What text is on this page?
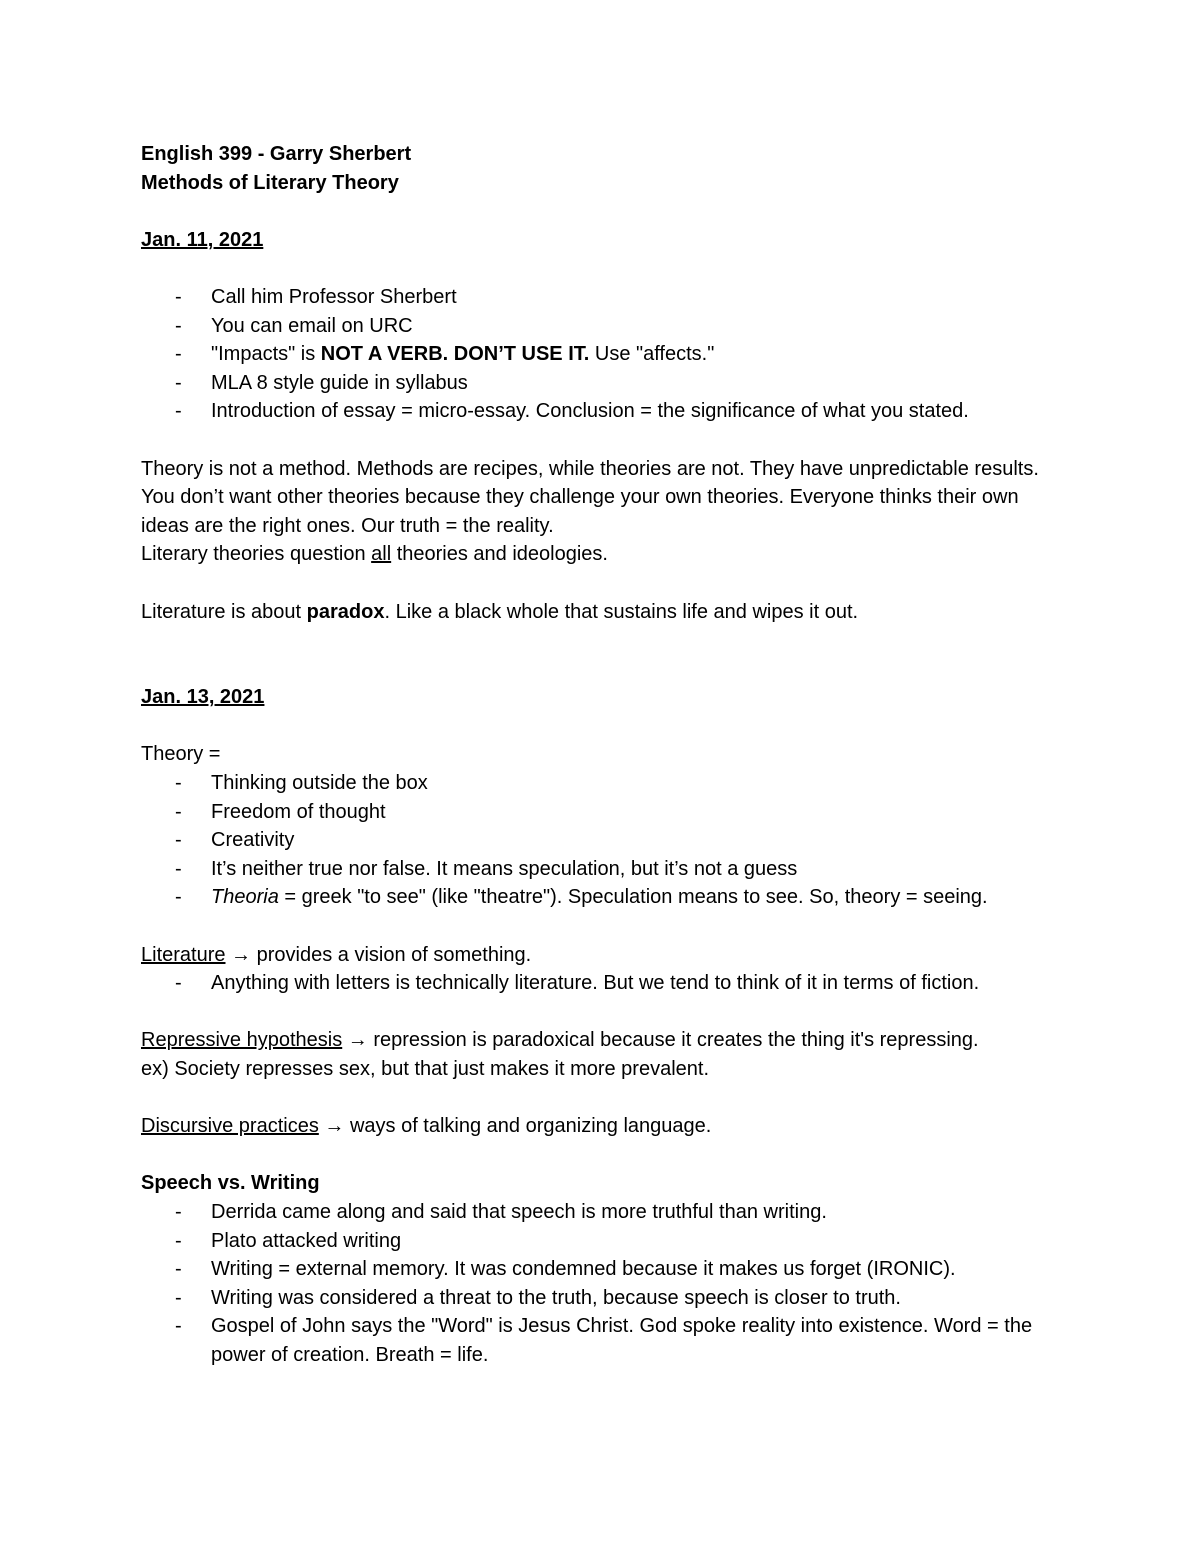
English 399 - Garry Sherbert
Methods of Literary Theory
Jan. 11, 2021
- Call him Professor Sherbert
- You can email on URC
- "Impacts" is NOT A VERB. DON’T USE IT. Use "affects."
- MLA 8 style guide in syllabus
- Introduction of essay = micro-essay. Conclusion = the significance of what you stated.

Theory is not a method. Methods are recipes, while theories are not. They have unpredictable results.

You don’t want other theories because they challenge your own theories. Everyone thinks their own ideas are the right ones. Our truth = the reality.

Literary theories question all theories and ideologies.

Literature is about paradox. Like a black whole that sustains life and wipes it out.

Jan. 13, 2021
Theory =
- Thinking outside the box
- Freedom of thought
- Creativity
- It’s neither true nor false. It means speculation, but it’s not a guess
- Theoria = greek "to see" (like "theatre"). Speculation means to see. So, theory = seeing.
Literature → provides a vision of something.
- Anything with letters is technically literature. But we tend to think of it in terms of fiction.
Repressive hypothesis → repression is paradoxical because it creates the thing it's repressing.
ex) Society represses sex, but that just makes it more prevalent.
Discursive practices → ways of talking and organizing language.
Speech vs. Writing
- Derrida came along and said that speech is more truthful than writing.
- Plato attacked writing
- Writing = external memory. It was condemned because it makes us forget (IRONIC).
- Writing was considered a threat to the truth, because speech is closer to truth.
- Gospel of John says the "Word" is Jesus Christ. God spoke reality into existence. Word = the power of creation. Breath = life.
